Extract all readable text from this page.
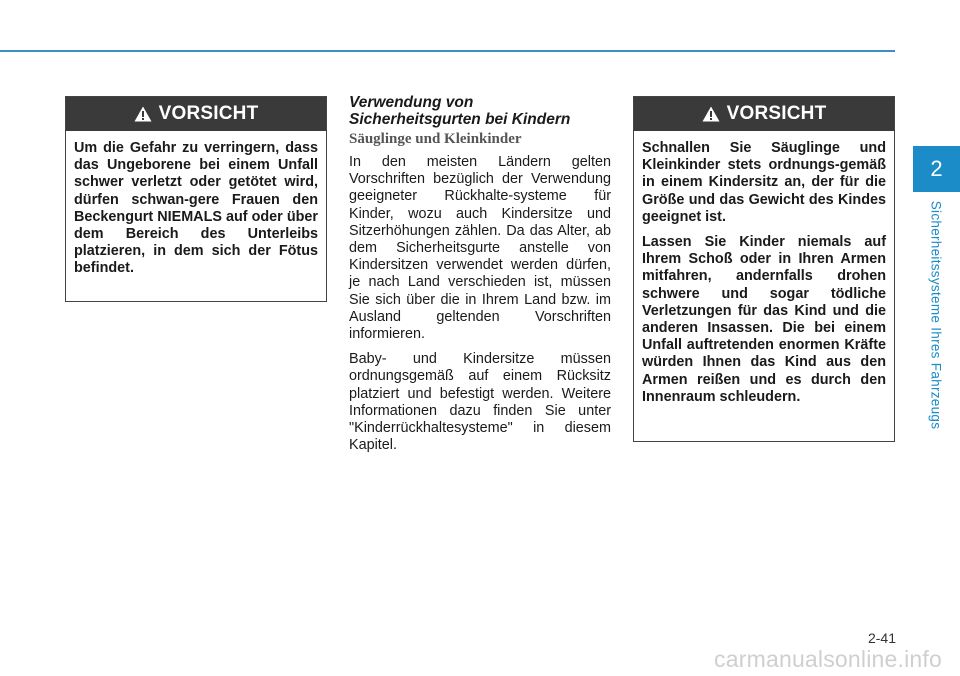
VORSICHT

Um die Gefahr zu verringern, dass das Ungeborene bei einem Unfall schwer verletzt oder getötet wird, dürfen schwan-gere Frauen den Beckengurt NIEMALS auf oder über dem Bereich des Unterleibs platzieren, in dem sich der Fötus befindet.

Verwendung von
Sicherheitsgurten bei Kindern
Säuglinge und Kleinkinder

In den meisten Ländern gelten Vorschriften bezüglich der Verwendung geeigneter Rückhalte-systeme für Kinder, wozu auch Kindersitze und Sitzerhöhungen zählen. Da das Alter, ab dem Sicherheitsgurte anstelle von Kindersitzen verwendet werden dürfen, je nach Land verschieden ist, müssen Sie sich über die in Ihrem Land bzw. im Ausland geltenden Vorschriften informieren.

Baby- und Kindersitze müssen ordnungsgemäß auf einem Rücksitz platziert und befestigt werden. Weitere Informationen dazu finden Sie unter "Kinderrückhaltesysteme" in diesem Kapitel.

VORSICHT

Schnallen Sie Säuglinge und Kleinkinder stets ordnungs-gemäß in einem Kindersitz an, der für die Größe und das Gewicht des Kindes geeignet ist.

Lassen Sie Kinder niemals auf Ihrem Schoß oder in Ihren Armen mitfahren, andernfalls drohen schwere und sogar tödliche Verletzungen für das Kind und die anderen Insassen. Die bei einem Unfall auftretenden enormen Kräfte würden Ihnen das Kind aus den Armen reißen und es durch den Innenraum schleudern.

2
Sicherheitssysteme Ihres Fahrzeugs
2-41
carmanualsonline.info
